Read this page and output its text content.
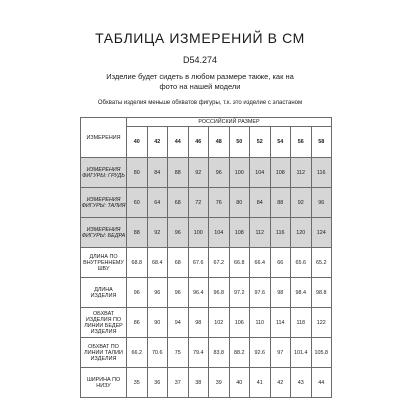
ТАБЛИЦА ИЗМЕРЕНИЙ В СМ
D54.274
Изделие будет сидеть в любом размере также, как на фото на нашей модели
Обхваты изделия меньше обхватов фигуры, т.к. это изделие с эластаном
ИЗМЕРЕНИЯ	РОССИЙСКИЙ РАЗМЕР									
	40	42	44	46	48	50	52	54	56	58
ИЗМЕРЕНИЯ ФИГУРЫ: ГРУДЬ	80	84	88	92	96	100	104	108	112	116
ИЗМЕРЕНИЯ ФИГУРЫ: ТАЛИЯ	60	64	68	72	76	80	84	88	92	96
ИЗМЕРЕНИЯ ФИГУРЫ: БЕДРА	88	92	96	100	104	108	112	116	120	124
ДЛИНА ПО ВНУТРЕННЕМУ ШВУ	68.8	68.4	68	67.6	67.2	66.8	66.4	66	65.6	65.2
ДЛИНА ИЗДЕЛИЯ	96	96	96	96.4	96.8	97.2	97.6	98	98.4	98.8
ОБХВАТ ИЗДЕЛИЯ ПО ЛИНИИ БЕДЕР ИЗДЕЛИЯ	86	90	94	98	102	106	110	114	118	122
ОБХВАТ ПО ЛИНИИ ТАЛИИ ИЗДЕЛИЯ	66.2	70.6	75	79.4	83.8	88.2	92.6	97	101.4	105.8
ШИРИНА ПО НИЗУ	35	36	37	38	39	40	41	42	43	44
